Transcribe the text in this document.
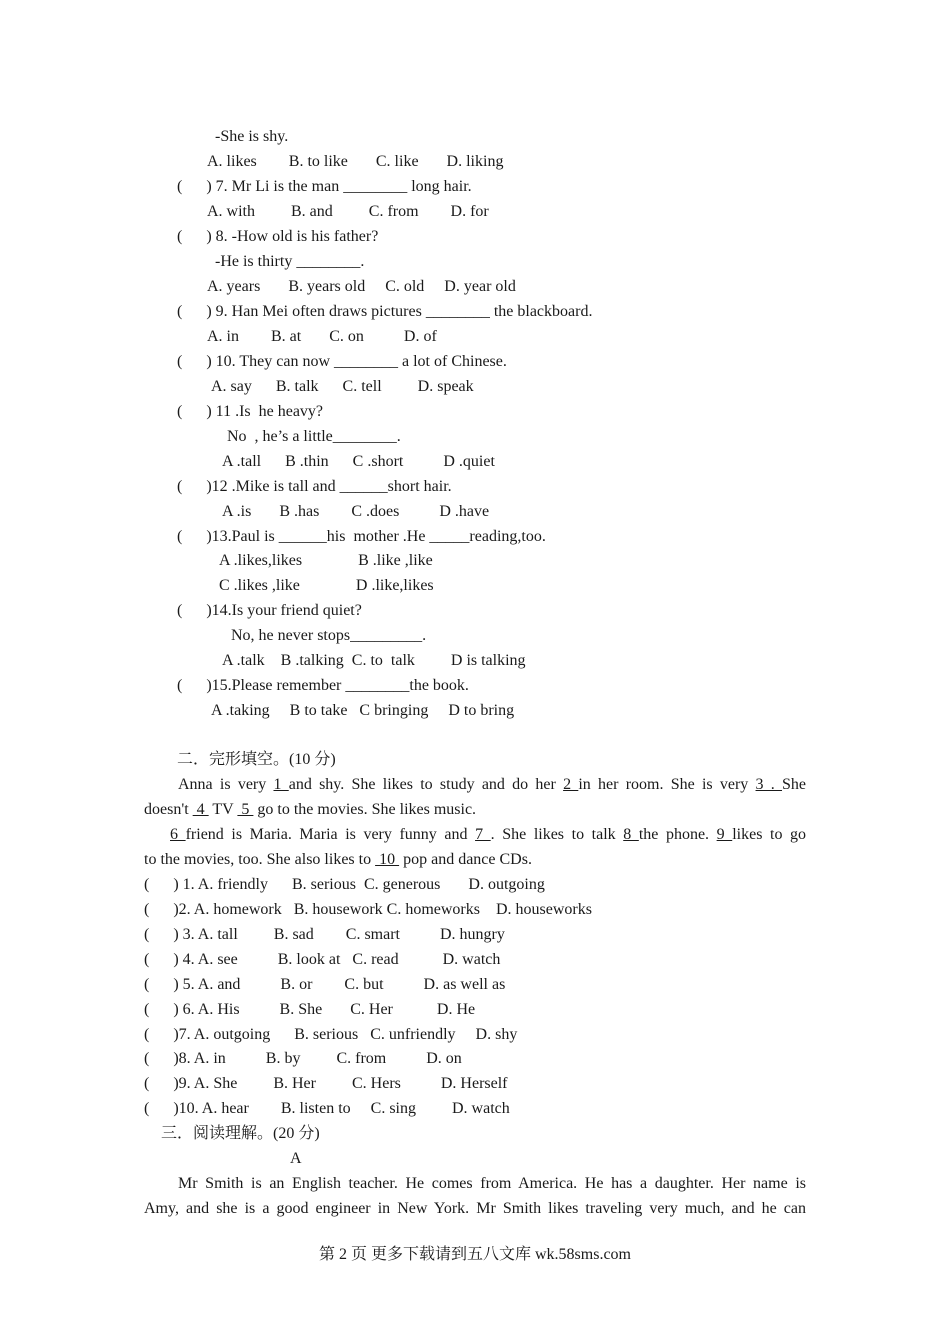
-She is shy.
A. likes        B. to like       C. like       D. liking
(      ) 7. Mr Li is the man ________ long hair.
A. with         B. and         C. from        D. for
(      ) 8. -How old is his father?
-He is thirty ________.
A. years       B. years old     C. old     D. year old
(      ) 9. Han Mei often draws pictures ________ the blackboard.
A. in        B. at       C. on          D. of
(      ) 10. They can now ________ a lot of Chinese.
A. say      B. talk      C. tell         D. speak
(      ) 11 .Is  he heavy?
No  , he’s a little________.
A .tall      B .thin      C .short          D .quiet
(      )12 .Mike is tall and ______short hair.
A .is       B .has        C .does          D .have
(      )13.Paul is ______his  mother .He _____reading,too.
A .likes,likes              B .like ,like
C .likes ,like              D .like,likes
(      )14.Is your friend quiet?
No, he never stops_________.
A .talk    B .talking  C. to  talk         D is talking
(      )15.Please remember ________the book.
A .taking     B to take   C bringing     D to bring
二．完形填空。(10 分)
Anna is very 1 and shy. She likes to study and do her 2 in her room. She is very 3 . She
doesn't  4  TV  5  go to the movies. She likes music.
6 friend is Maria. Maria is very funny and 7 . She likes to talk 8 the phone. 9 likes to go
to the movies, too. She also likes to  10  pop and dance CDs.
(      ) 1. A. friendly      B. serious  C. generous       D. outgoing
(      )2. A. homework   B. housework C. homeworks    D. houseworks
(      ) 3. A. tall         B. sad        C. smart          D. hungry
(      ) 4. A. see          B. look at   C. read           D. watch
(      ) 5. A. and          B. or        C. but          D. as well as
(      ) 6. A. His          B. She       C. Her           D. He
(      )7. A. outgoing      B. serious   C. unfriendly     D. shy
(      )8. A. in          B. by         C. from          D. on
(      )9. A. She         B. Her         C. Hers          D. Herself
(      )10. A. hear        B. listen to     C. sing         D. watch
三．阅读理解。(20 分)
A
Mr Smith is an English teacher. He comes from America. He has a daughter. Her name is
Amy, and she is a good engineer in New York. Mr Smith likes traveling very much, and he can
第 2 页 更多下载请到五八文库 wk.58sms.com
